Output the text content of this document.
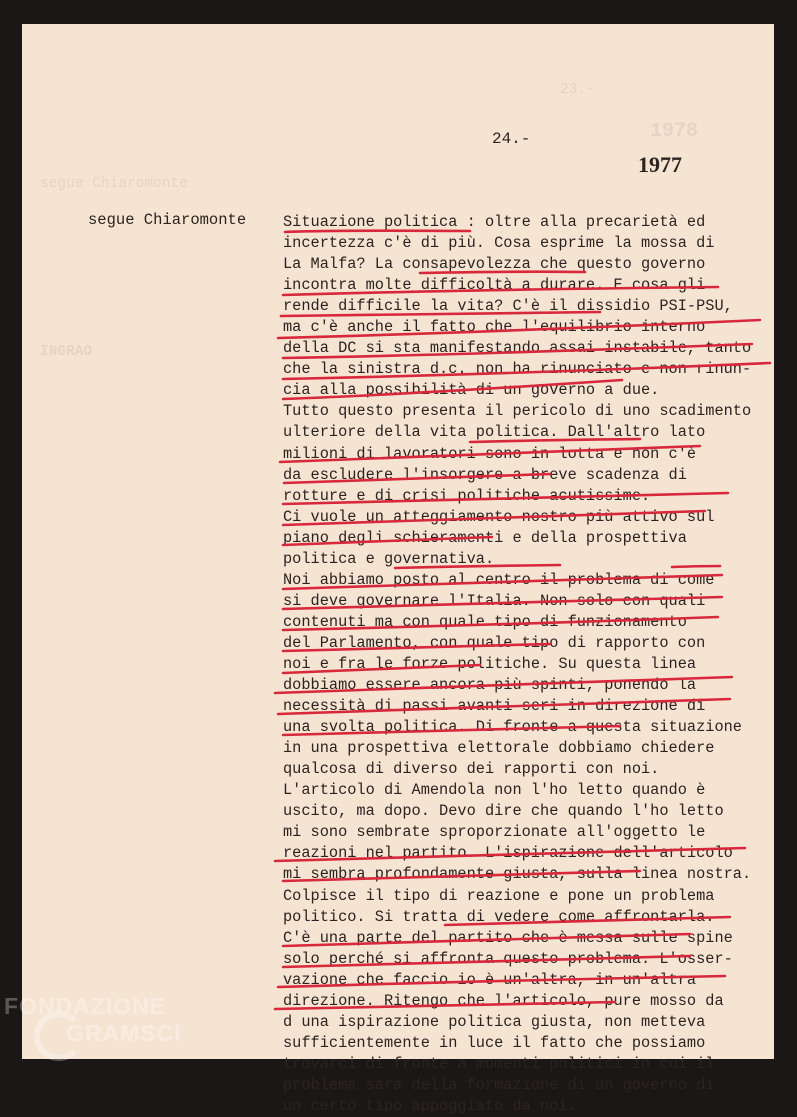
23.-
1978
segue Chiaromonte
INGRAO
24.-
1977
segue Chiaromonte Situazione politica : oltre alla precarietà ed
incertezza c'è di più. Cosa esprime la mossa di
La Malfa? La consapevolezza che questo governo
incontra molte difficoltà a durare. E cosa gli
rende difficile la vita? C'è il dissidio PSI-PSU,
ma c'è anche il fatto che l'equilibrio interno
della DC si sta manifestando assai instabile, tanto
che la sinistra d.c. non ha rinunciato e non rinun-
cia alla possibilità di un governo a due.
Tutto questo presenta il pericolo di uno scadimento
ulteriore della vita politica. Dall'altro lato
milioni di lavoratori sono in lotta e non c'è
da escludere l'insorgere a breve scadenza di
rotture e di crisi politiche acutissime.
Ci vuole un atteggiamento nostro più attivo sul
piano degli schieramenti e della prospettiva
politica e governativa.
Noi abbiamo posto al centro il problema di come
si deve governare l'Italia. Non solo con quali
contenuti ma con quale tipo di funzionamento
del Parlamento, con quale tipo di rapporto con
noi e fra le forze politiche. Su questa linea
dobbiamo essere ancora più spinti, ponendo la
necessità di passi avanti seri in direzione di
una svolta politica. Di fronte a questa situazione
in una prospettiva elettorale dobbiamo chiedere
qualcosa di diverso dei rapporti con noi.
L'articolo di Amendola non l'ho letto quando è
uscito, ma dopo. Devo dire che quando l'ho letto
mi sono sembrate sproporzionate all'oggetto le
reazioni nel partito. L'ispirazione dell'articolo
mi sembra profondamente giusta, sulla linea nostra.
Colpisce il tipo di reazione e pone un problema
politico. Si tratta di vedere come affrontarla.
C'è una parte del partito che è messa sulle spine
solo perché si affronta questo problema. L'osser-
vazione che faccio io è un'altra, in un'altra
direzione. Ritengo che l'articolo, pure mosso da
d una ispirazione politica giusta, non metteva
sufficientemente in luce il fatto che possiamo
trovarci di fronte a momenti politici in cui il
problema sarà della formazione di un governo di
un certo tipo appoggiato da noi.
FONDAZIONE
GRAMSCI
